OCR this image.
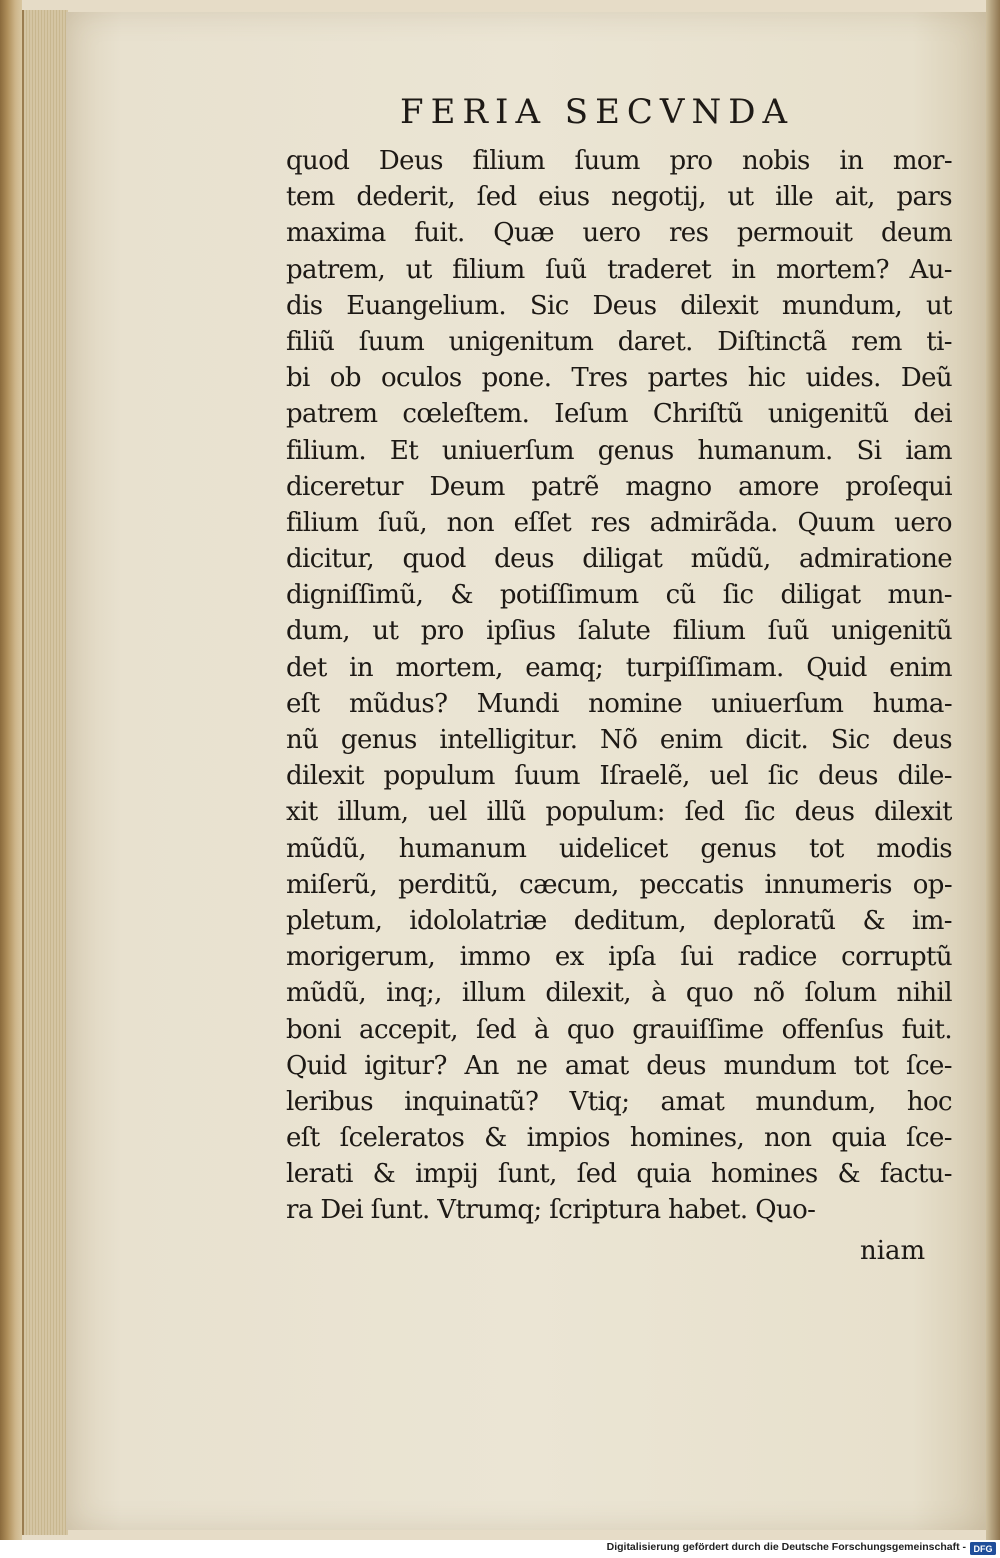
FERIA SECVNDA
quod Deus filium ſuum pro nobis in mor-
tem dederit, ſed eius negotij, ut ille ait, pars
maxima fuit. Quæ uero res permouit deum
patrem, ut filium ſuũ traderet in mortem? Au-
dis Euangelium. Sic Deus dilexit mundum, ut
filiũ ſuum unigenitum daret. Diſtinctã rem ti-
bi ob oculos pone. Tres partes hic uides. Deũ
patrem cœleſtem. Ieſum Chriſtũ unigenitũ dei
filium. Et uniuerſum genus humanum. Si iam
diceretur Deum patrẽ magno amore proſequi
filium ſuũ, non eſſet res admirãda. Quum uero
dicitur, quod deus diligat mũdũ, admiratione
digniſſimũ, & potiſſimum cũ ſic diligat mun-
dum, ut pro ipſius ſalute filium ſuũ unigenitũ
det in mortem, eamq; turpiſſimam. Quid enim
eſt mũdus? Mundi nomine uniuerſum huma-
nũ genus intelligitur. Nõ enim dicit. Sic deus
dilexit populum ſuum Iſraelẽ, uel ſic deus dile-
xit illum, uel illũ populum: ſed ſic deus dilexit
mũdũ, humanum uidelicet genus tot modis
miſerũ, perditũ, cæcum, peccatis innumeris op-
pletum, idololatriæ deditum, deploratũ & im-
morigerum, immo ex ipſa ſui radice corruptũ
mũdũ, inq;, illum dilexit, à quo nõ ſolum nihil
boni accepit, ſed à quo grauiſſime offenſus fuit.
Quid igitur? An ne amat deus mundum tot ſce-
leribus inquinatũ? Vtiq; amat mundum, hoc
eſt ſceleratos & impios homines, non quia ſce-
lerati & impij ſunt, ſed quia homines & factu-
ra Dei ſunt. Vtrumq; ſcriptura habet. Quo-
niam
Digitalisierung gefördert durch die Deutsche Forschungsgemeinschaft - DFG
